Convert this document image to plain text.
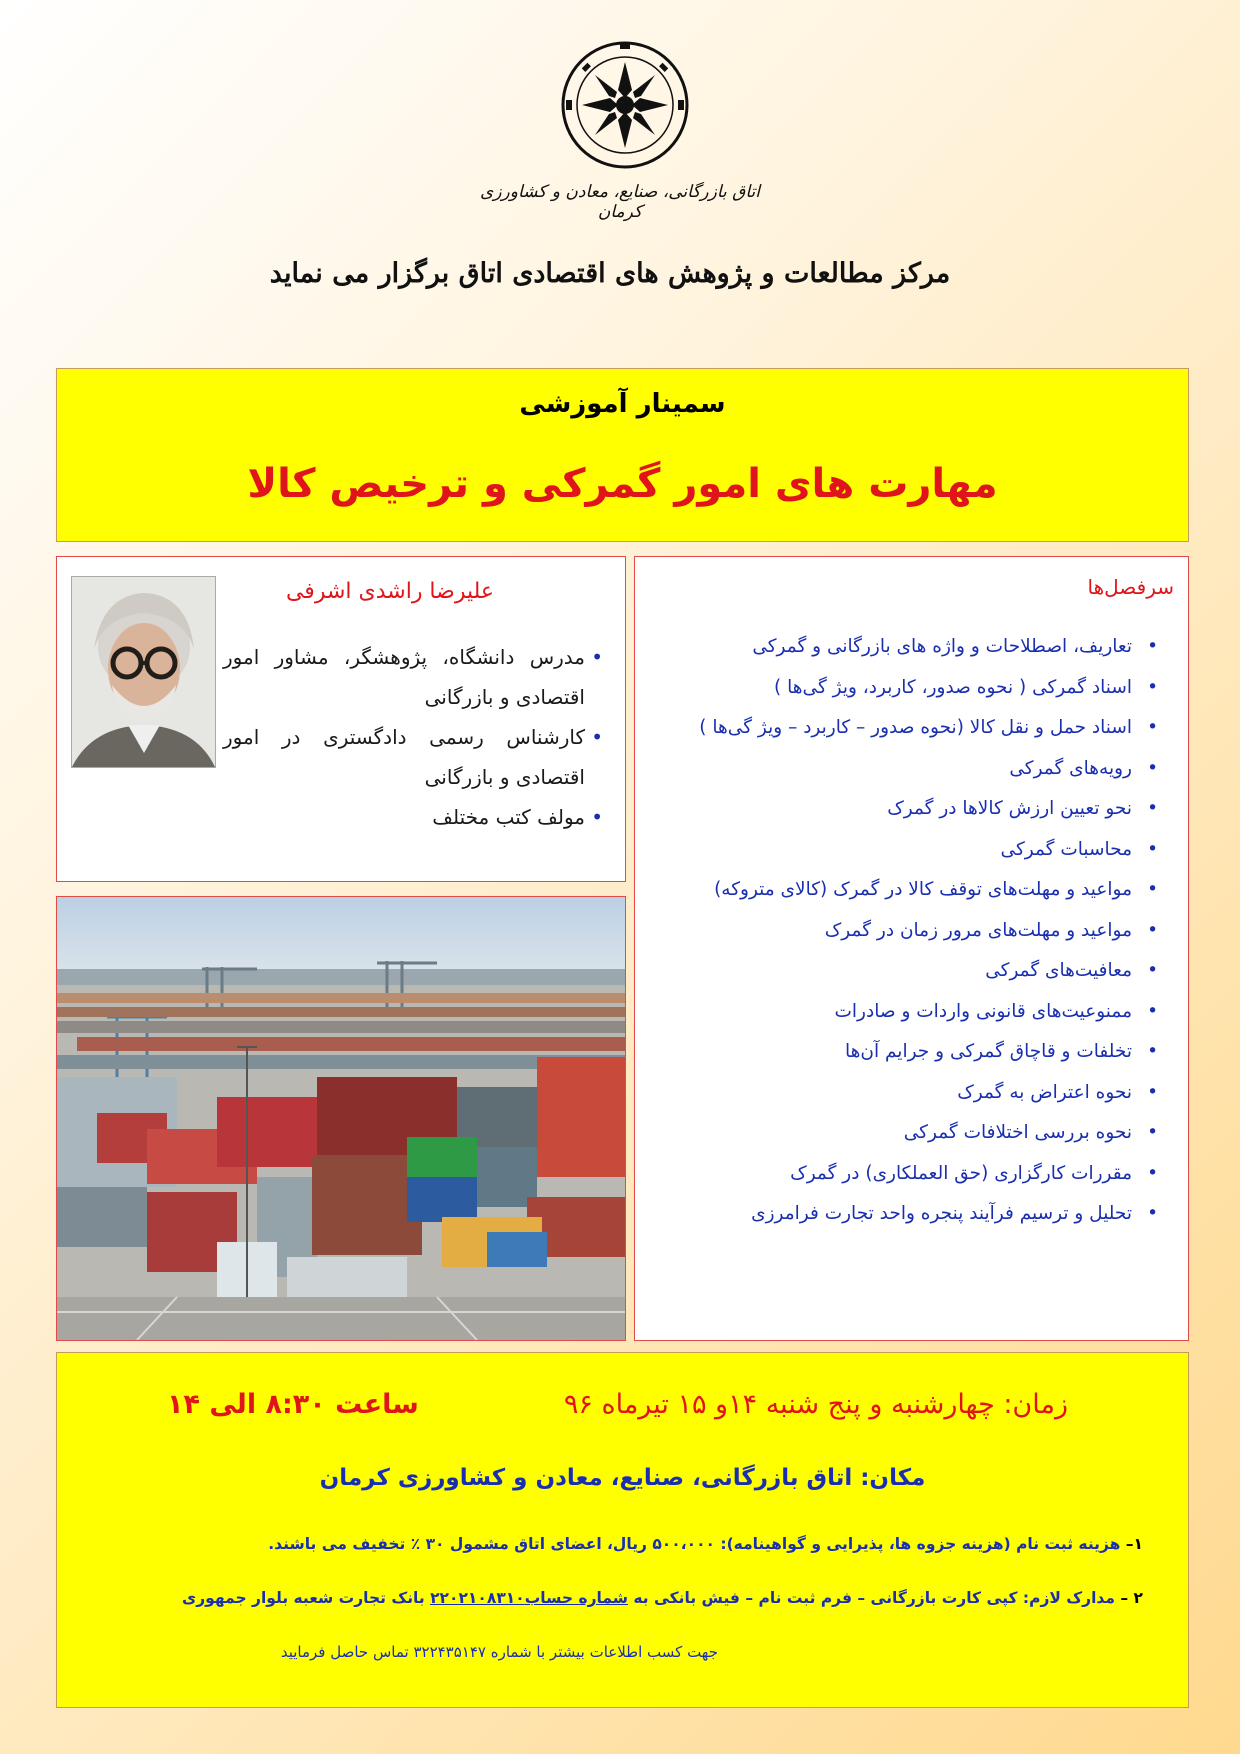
اتاق بازرگانی، صنایع، معادن و کشاورزی کرمان
مرکز مطالعات و پژوهش های اقتصادی اتاق برگزار می نماید
سمینار آموزشی
مهارت های امور گمرکی و ترخیص کالا
علیرضا راشدی اشرفی
• مدرس دانشگاه، پژوهشگر، مشاور امور اقتصادی و بازرگانی
• کارشناس رسمی دادگستری در امور اقتصادی و بازرگانی
• مولف کتب مختلف
سرفصل‌ها
• تعاریف، اصطلاحات و واژه های بازرگانی و گمرکی
• اسناد گمرکی ( نحوه صدور، کاربرد، ویژ گی‌ها )
• اسناد حمل و نقل کالا (نحوه صدور – کاربرد – ویژ گی‌ها )
• رویه‌های گمرکی
• نحو تعیین ارزش کالاها در گمرک
• محاسبات گمرکی
• مواعید و مهلت‌های توقف کالا در گمرک (کالای متروکه)
• مواعید و مهلت‌های مرور زمان در گمرک
• معافیت‌های گمرکی
• ممنوعیت‌های قانونی واردات و صادرات
• تخلفات و قاچاق گمرکی و جرایم آن‌ها
• نحوه اعتراض به گمرک
• نحوه بررسی اختلافات گمرکی
• مقررات کارگزاری (حق العملکاری) در گمرک
• تحلیل و ترسیم فرآیند پنجره واحد تجارت فرامرزی
زمان: چهارشنبه و پنج شنبه ۱۴و ۱۵ تیرماه ۹۶
ساعت ۸:۳۰ الی ۱۴
مکان: اتاق بازرگانی، صنایع، معادن و کشاورزی کرمان
۱– هزینه ثبت نام (هزینه جزوه ها، پذیرایی و گواهینامه): ۵۰۰،۰۰۰ ریال، اعضای اتاق مشمول ۳۰ ٪ تخفیف می باشند.
۲ – مدارک لازم: کپی کارت بازرگانی – فرم ثبت نام – فیش بانکی به شماره حساب۲۲۰۲۱۰۸۳۱۰ بانک تجارت شعبه بلوار جمهوری
جهت کسب اطلاعات بیشتر با شماره ۳۲۲۴۳۵۱۴۷ تماس حاصل فرمایید
